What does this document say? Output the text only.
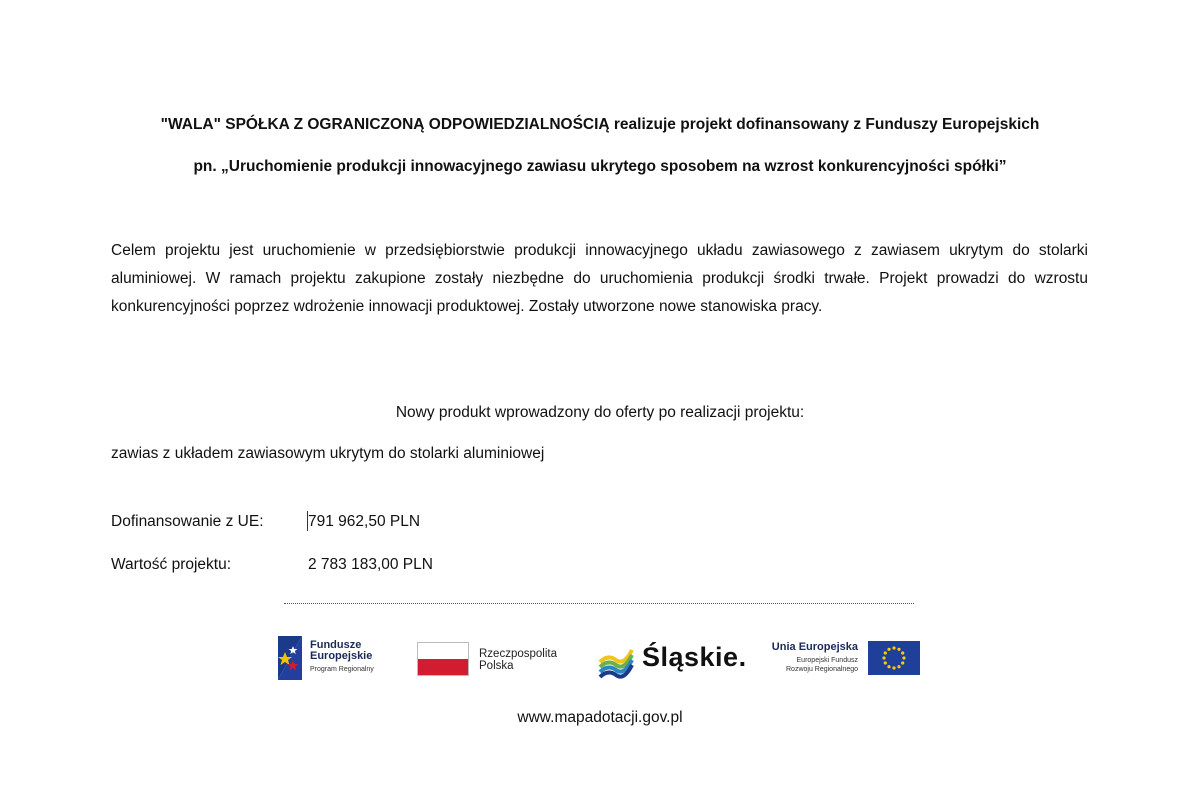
"WALA" SPÓŁKA Z OGRANICZONĄ ODPOWIEDZIALNOŚCIĄ realizuje projekt dofinansowany z Funduszy Europejskich
pn. „Uruchomienie produkcji innowacyjnego zawiasu ukrytego sposobem na wzrost konkurencyjności spółki”
Celem projektu jest uruchomienie w przedsiębiorstwie produkcji innowacyjnego układu zawiasowego z zawiasem ukrytym do stolarki aluminiowej. W ramach projektu zakupione zostały niezbędne do uruchomienia produkcji środki trwałe. Projekt prowadzi do wzrostu konkurencyjności poprzez wdrożenie innowacji produktowej. Zostały utworzone nowe stanowiska pracy.
Nowy produkt wprowadzony do oferty po realizacji projektu:
zawias z układem zawiasowym ukrytym do stolarki aluminiowej
Dofinansowanie z UE:	791 962,50 PLN
Wartość projektu:	2 783 183,00 PLN
Fundusze
Europejskie
Program Regionalny
Rzeczpospolita
Polska	Śląskie.	Unia Europejska
Europejski Fundusz
Rozwoju Regionalnego
www.mapadotacji.gov.pl
